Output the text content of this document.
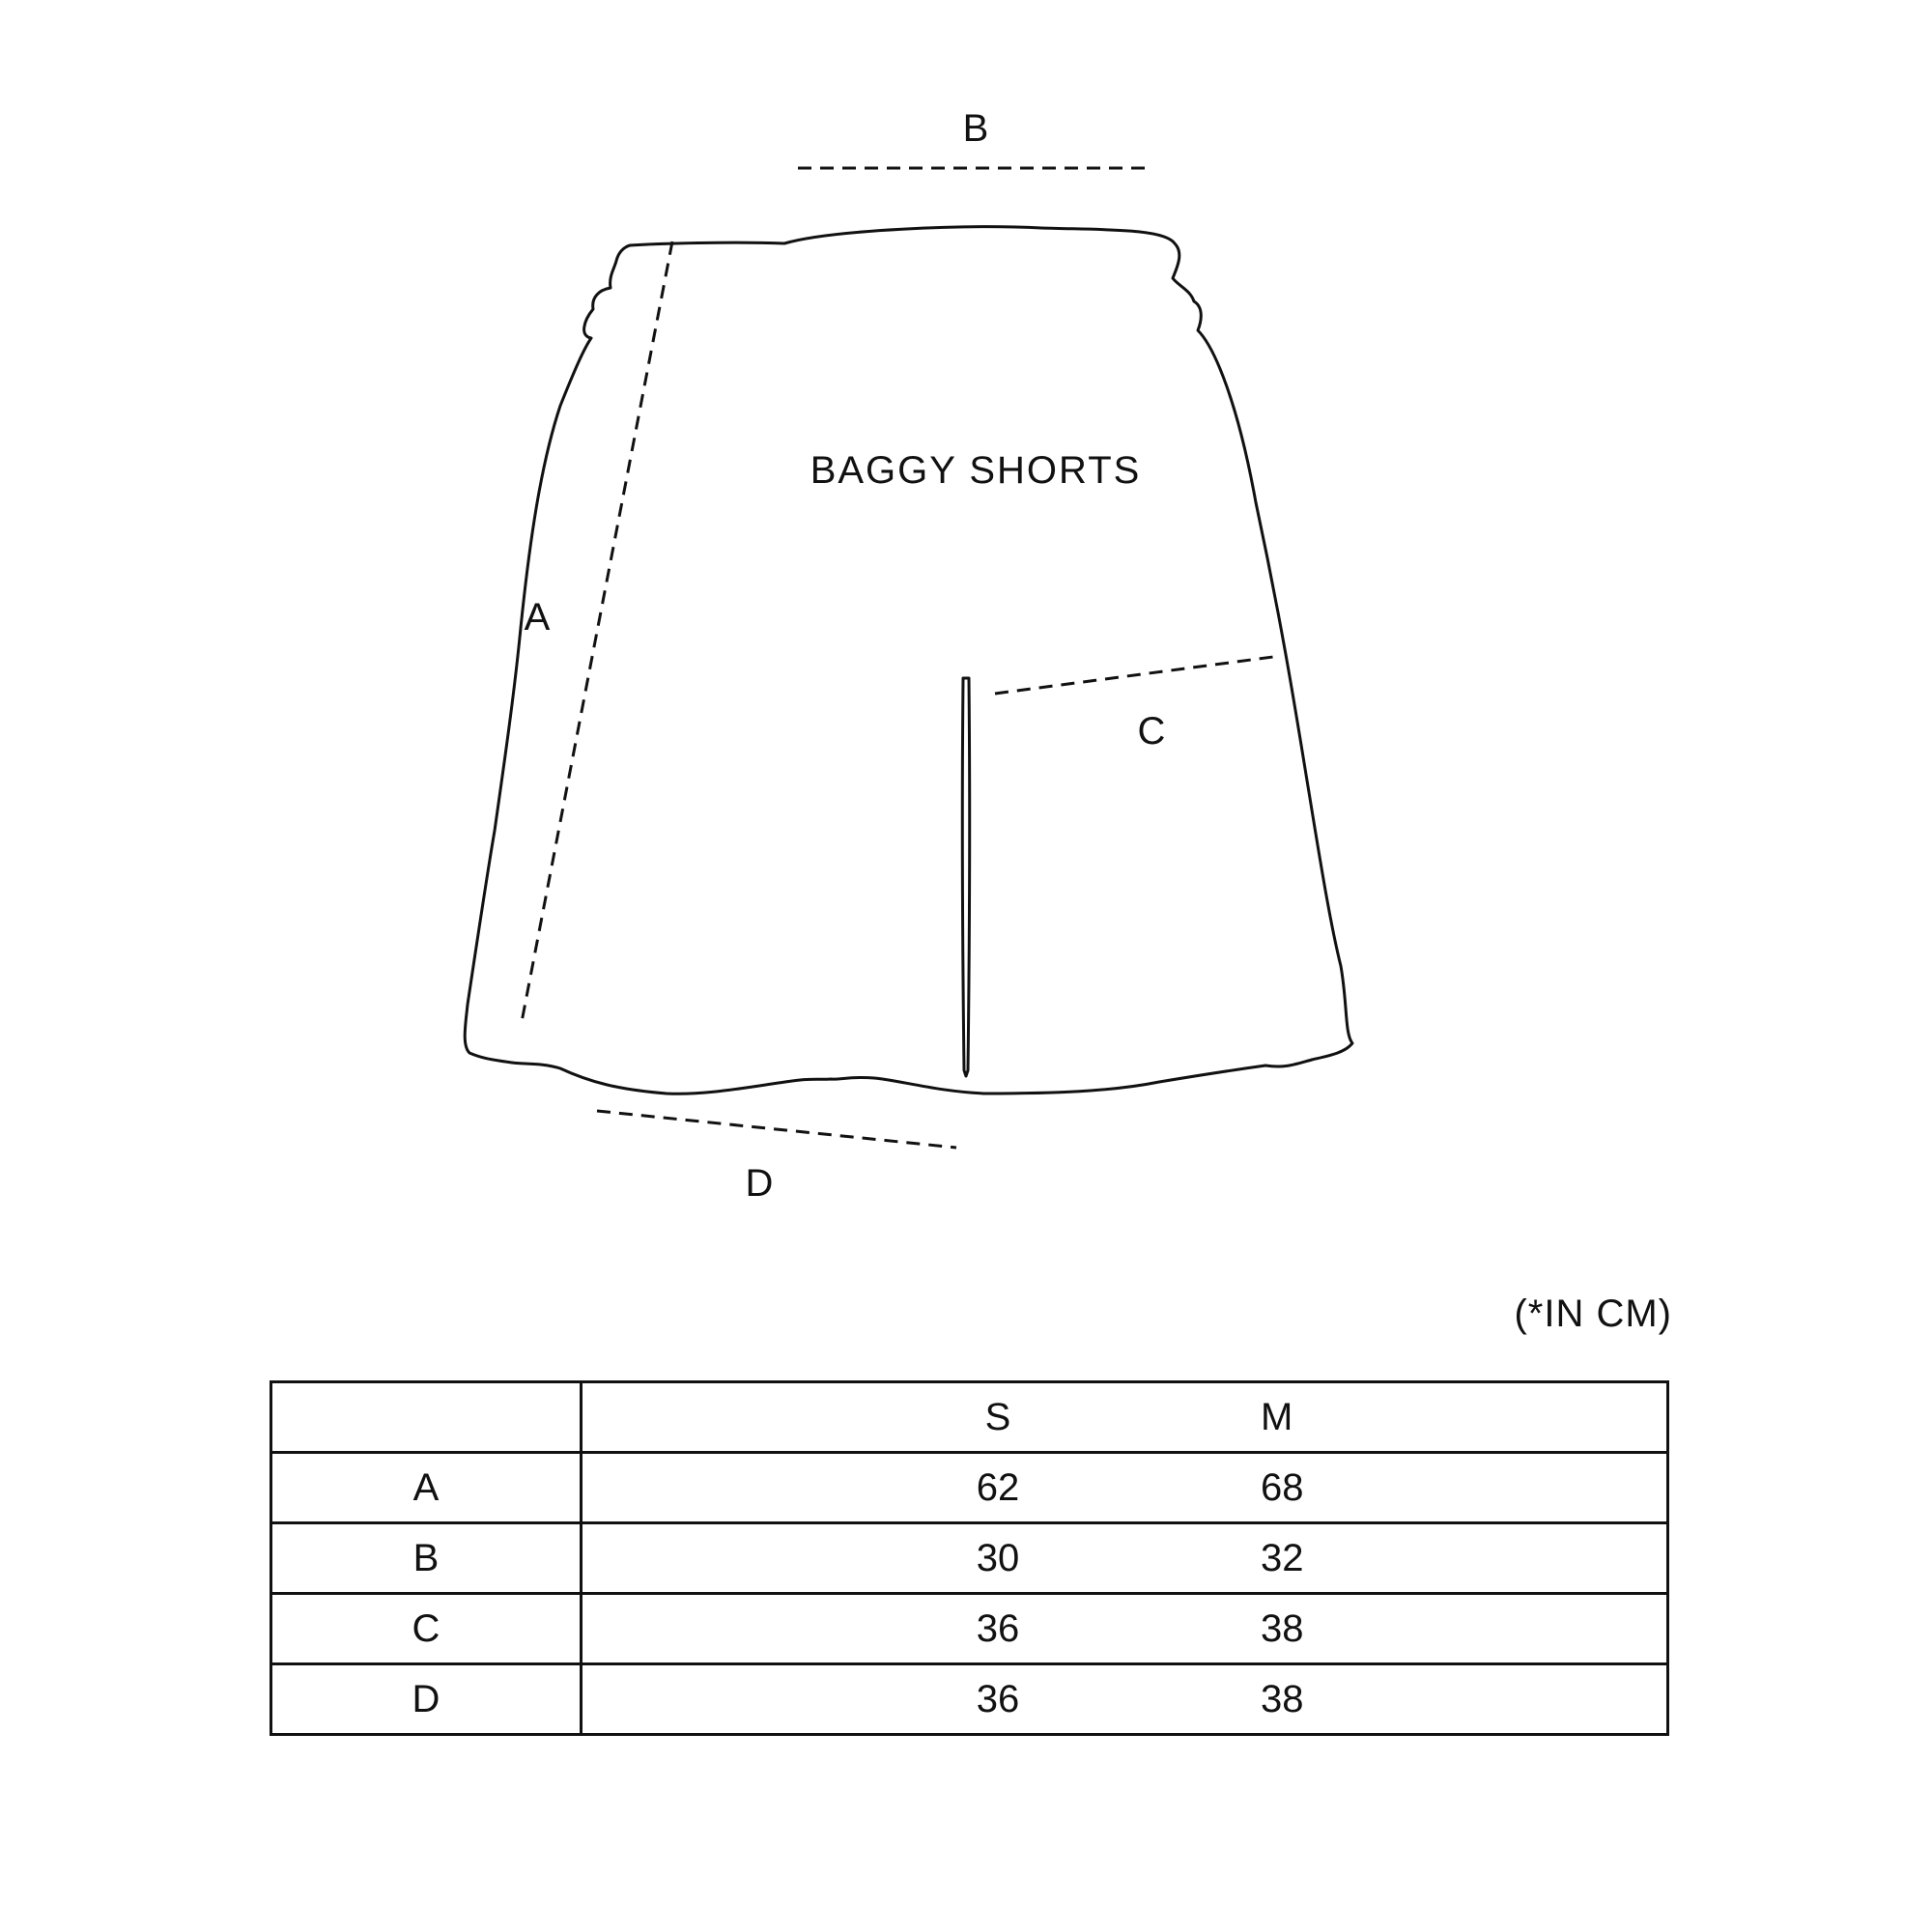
BAGGY SHORTS
B
A
C
D
(*IN CM)

	S M

A	62 68

B	30 32

C	36 38

D	36 38
